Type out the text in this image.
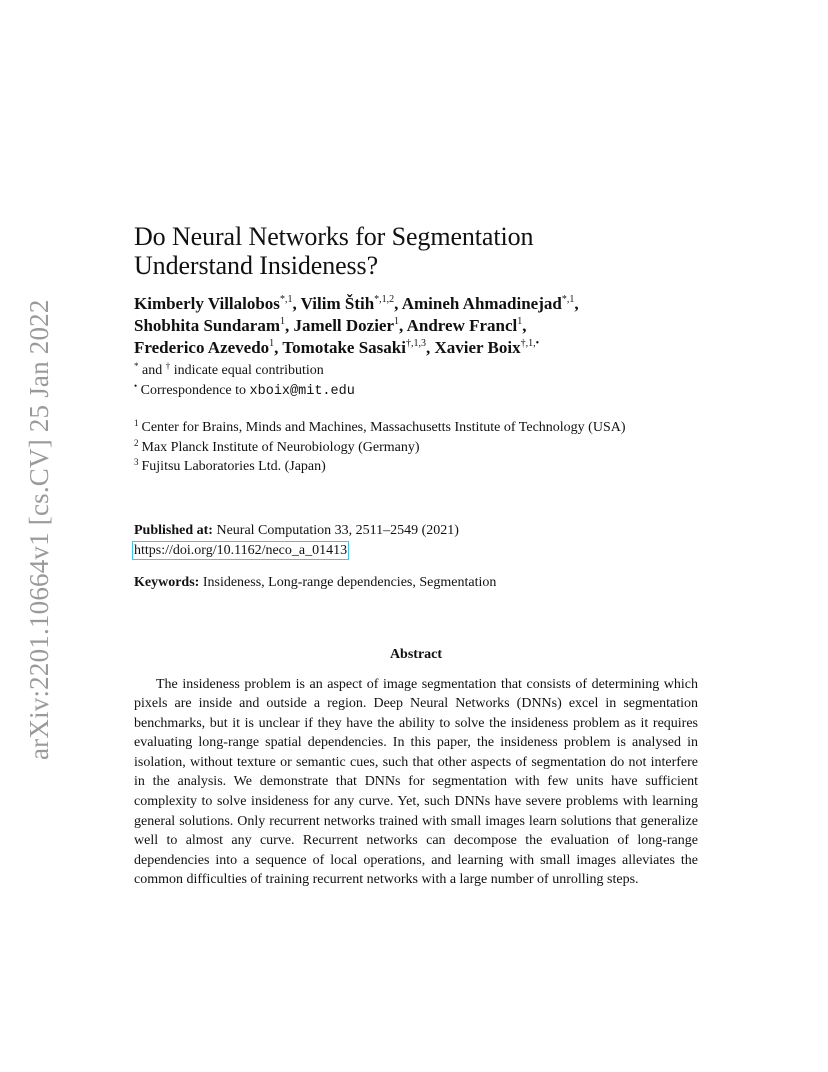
arXiv:2201.10664v1 [cs.CV] 25 Jan 2022
Do Neural Networks for Segmentation
Understand Insideness?
Kimberly Villalobos$^{*,1}$, Vilim Štih$^{*,1,2}$, Amineh Ahmadinejad$^{*,1}$,
Shobhita Sundaram$^1$, Jamell Dozier$^1$, Andrew Francl$^1$,
Frederico Azevedo$^1$, Tomotake Sasaki$^{\dagger,1,3}$, Xavier Boix$^{\dagger,1,•}$
* and † indicate equal contribution
• Correspondence to xboix@mit.edu
$^1$ Center for Brains, Minds and Machines, Massachusetts Institute of Technology (USA)
$^2$ Max Planck Institute of Neurobiology (Germany)
$^3$ Fujitsu Laboratories Ltd. (Japan)
Published at: Neural Computation 33, 2511–2549 (2021)
https://doi.org/10.1162/neco_a_01413
Keywords: Insideness, Long-range dependencies, Segmentation
Abstract
The insideness problem is an aspect of image segmentation that consists of determining which pixels are inside and outside a region. Deep Neural Networks (DNNs) excel in segmentation benchmarks, but it is unclear if they have the ability to solve the insideness problem as it requires evaluating long-range spatial dependencies. In this paper, the insideness problem is analysed in isolation, without texture or semantic cues, such that other aspects of segmentation do not interfere in the analysis. We demonstrate that DNNs for segmentation with few units have sufficient complexity to solve insideness for any curve. Yet, such DNNs have severe problems with learning general solutions. Only recurrent networks trained with small images learn solutions that generalize well to almost any curve. Recurrent networks can decompose the evaluation of long-range dependencies into a sequence of local operations, and learning with small images alleviates the common difficulties of training recurrent networks with a large number of unrolling steps.
